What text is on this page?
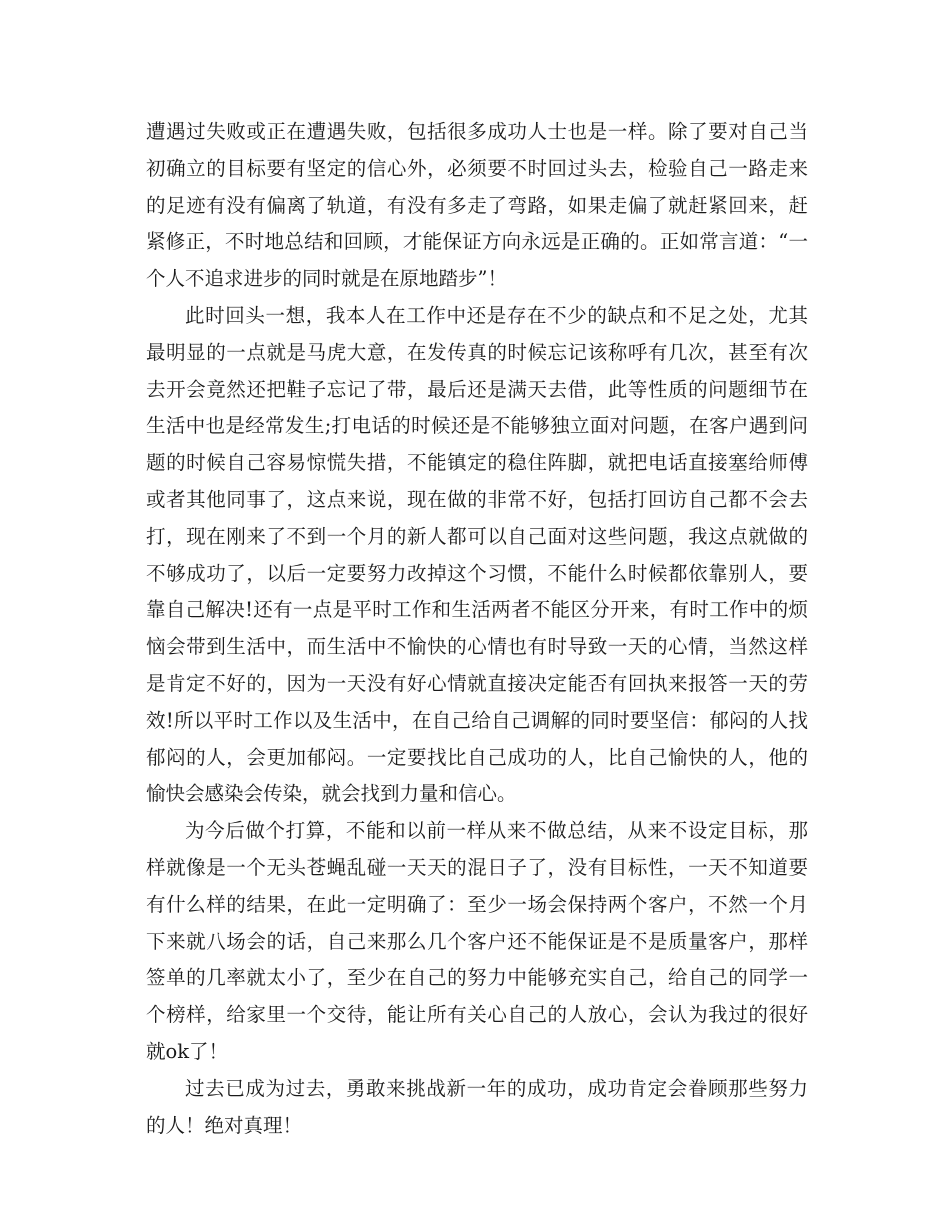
遭遇过失败或正在遭遇失败，包括很多成功人士也是一样。除了要对自己当初确立的目标要有坚定的信心外，必须要不时回过头去，检验自己一路走来的足迹有没有偏离了轨道，有没有多走了弯路，如果走偏了就赶紧回来，赶紧修正，不时地总结和回顾，才能保证方向永远是正确的。正如常言道：“一个人不追求进步的同时就是在原地踏步”！

此时回头一想，我本人在工作中还是存在不少的缺点和不足之处，尤其最明显的一点就是马虎大意，在发传真的时候忘记该称呼有几次，甚至有次去开会竟然还把鞋子忘记了带，最后还是满天去借，此等性质的问题细节在生活中也是经常发生;打电话的时候还是不能够独立面对问题，在客户遇到问题的时候自己容易惊慌失措，不能镇定的稳住阵脚，就把电话直接塞给师傅或者其他同事了，这点来说，现在做的非常不好，包括打回访自己都不会去打，现在刚来了不到一个月的新人都可以自己面对这些问题，我这点就做的不够成功了，以后一定要努力改掉这个习惯，不能什么时候都依靠别人，要靠自己解决!还有一点是平时工作和生活两者不能区分开来，有时工作中的烦恼会带到生活中，而生活中不愉快的心情也有时导致一天的心情，当然这样是肯定不好的，因为一天没有好心情就直接决定能否有回执来报答一天的劳效!所以平时工作以及生活中，在自己给自己调解的同时要坚信：郁闷的人找郁闷的人，会更加郁闷。一定要找比自己成功的人，比自己愉快的人，他的愉快会感染会传染，就会找到力量和信心。

为今后做个打算，不能和以前一样从来不做总结，从来不设定目标，那样就像是一个无头苍蝇乱碰一天天的混日子了，没有目标性，一天不知道要有什么样的结果，在此一定明确了：至少一场会保持两个客户，不然一个月下来就八场会的话，自己来那么几个客户还不能保证是不是质量客户，那样签单的几率就太小了，至少在自己的努力中能够充实自己，给自己的同学一个榜样，给家里一个交待，能让所有关心自己的人放心，会认为我过的很好就ok了！

过去已成为过去，勇敢来挑战新一年的成功，成功肯定会眷顾那些努力的人！绝对真理！
